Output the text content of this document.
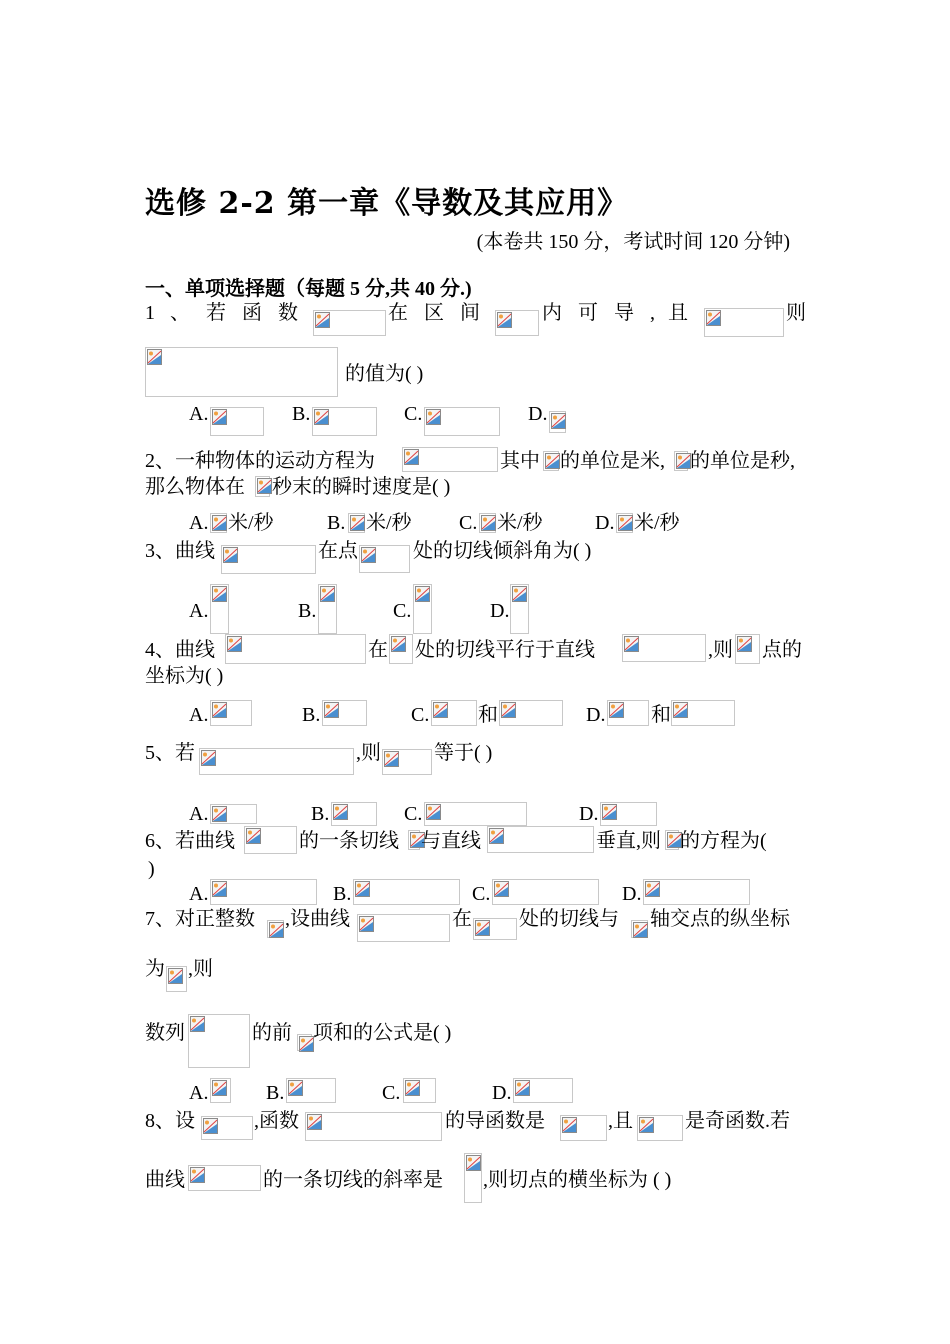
选修 2-2 第一章《导数及其应用》
(本卷共 150 分，考试时间 120 分钟)
一、单项选择题（每题 5 分,共 40 分.)
1 、 若 函 数	在 区 间	内 可 导 , 且	则
的值为( )
A.	B.	C.	D.
2、一种物体的运动方程为	其中 的单位是米, 的单位是秒,
那么物体在 秒末的瞬时速度是( )
A. 米/秒	B. 米/秒 C. 米/秒	D. 米/秒
3、曲线	在点	处的切线倾斜角为( )
A.	B.	C.	D.
4、曲线	在 处的切线平行于直线	,则 点的
坐标为( )
A.	B.	C. 和	D. 和
5、若	,则	等于( )
A.	B.	C.	D.
6、若曲线	的一条切线 与直线	垂直,则 的方程为(
)
A.	B.	C.	D.
7、对正整数 ,设曲线	在 处的切线与 轴交点的纵坐标
为 ,则
数列	的前 项和的公式是( )
A.	B.	C.	D.
8、设	,函数	的导函数是	,且	是奇函数.若
曲线	的一条切线的斜率是 ,则切点的横坐标为 ( )
